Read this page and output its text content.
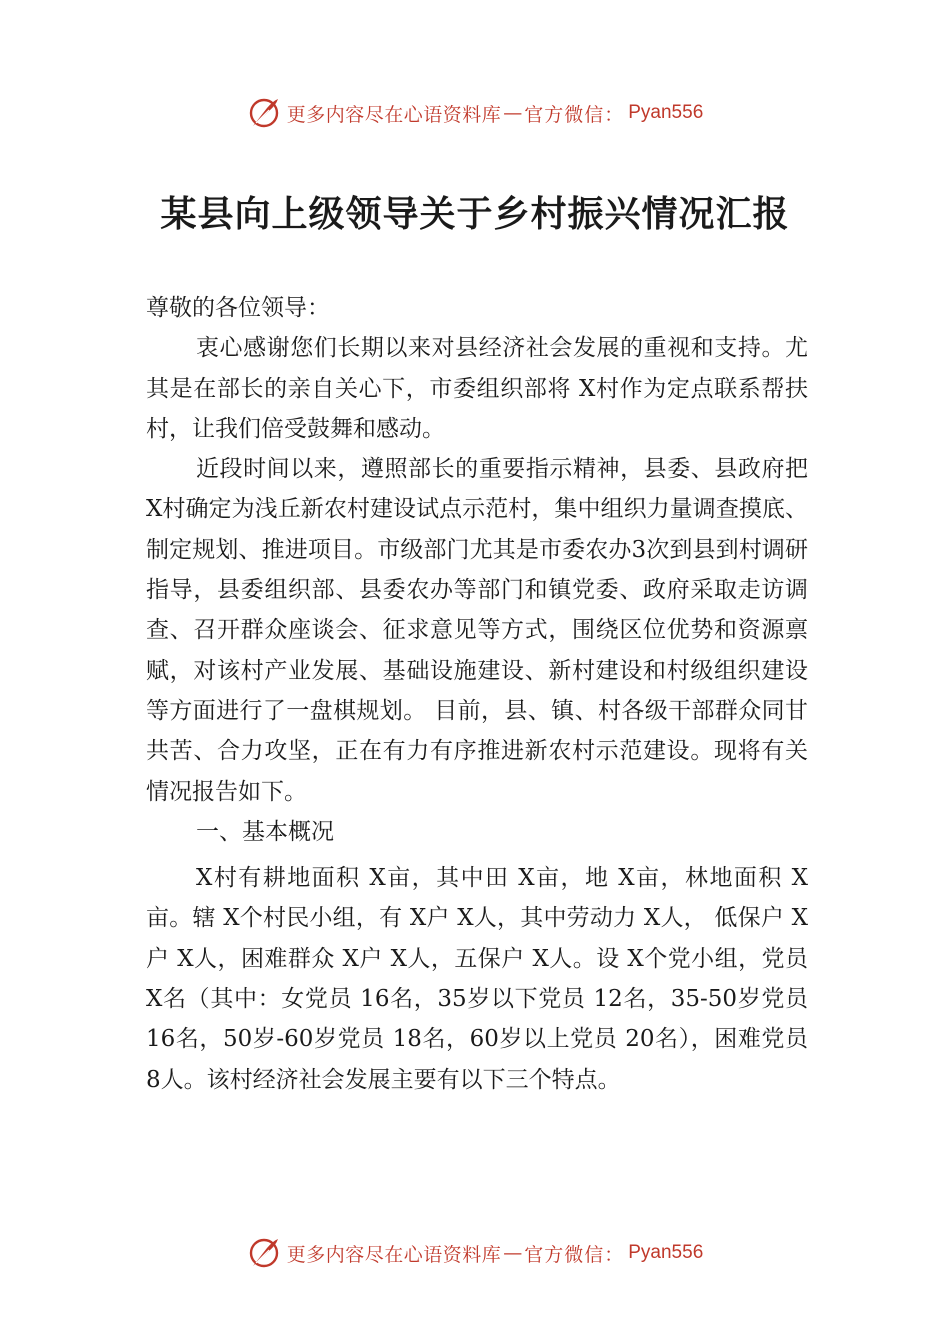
更多内容尽在心语资料库 — 官方微信： Pyan556
某县向上级领导关于乡村振兴情况汇报

尊敬的各位领导：

衷心感谢您们长期以来对县经济社会发展的重视和支持。尤其是在部长的亲自关心下，市委组织部将 X村作为定点联系帮扶村，让我们倍受鼓舞和感动。

近段时间以来，遵照部长的重要指示精神，县委、县政府把 X村确定为浅丘新农村建设试点示范村，集中组织力量调查摸底、制定规划、推进项目。市级部门尤其是市委农办3次到县到村调研指导，县委组织部、县委农办等部门和镇党委、政府采取走访调查、召开群众座谈会、征求意见等方式，围绕区位优势和资源禀赋，对该村产业发展、基础设施建设、新村建设和村级组织建设等方面进行了一盘棋规划。 目前，县、镇、村各级干部群众同甘共苦、合力攻坚，正在有力有序推进新农村示范建设。现将有关情况报告如下。

一、基本概况

X村有耕地面积 X亩，其中田 X亩，地 X亩，林地面积 X亩。辖 X个村民小组，有 X户 X人，其中劳动力 X人， 低保户 X户 X人，困难群众 X户 X人，五保户 X人。设 X个党小组，党员 X名（其中：女党员 16名，35岁以下党员 12名，35-50岁党员 16名，50岁-60岁党员 18名，60岁以上党员 20名），困难党员 8人。该村经济社会发展主要有以下三个特点。

更多内容尽在心语资料库 — 官方微信： Pyan556
